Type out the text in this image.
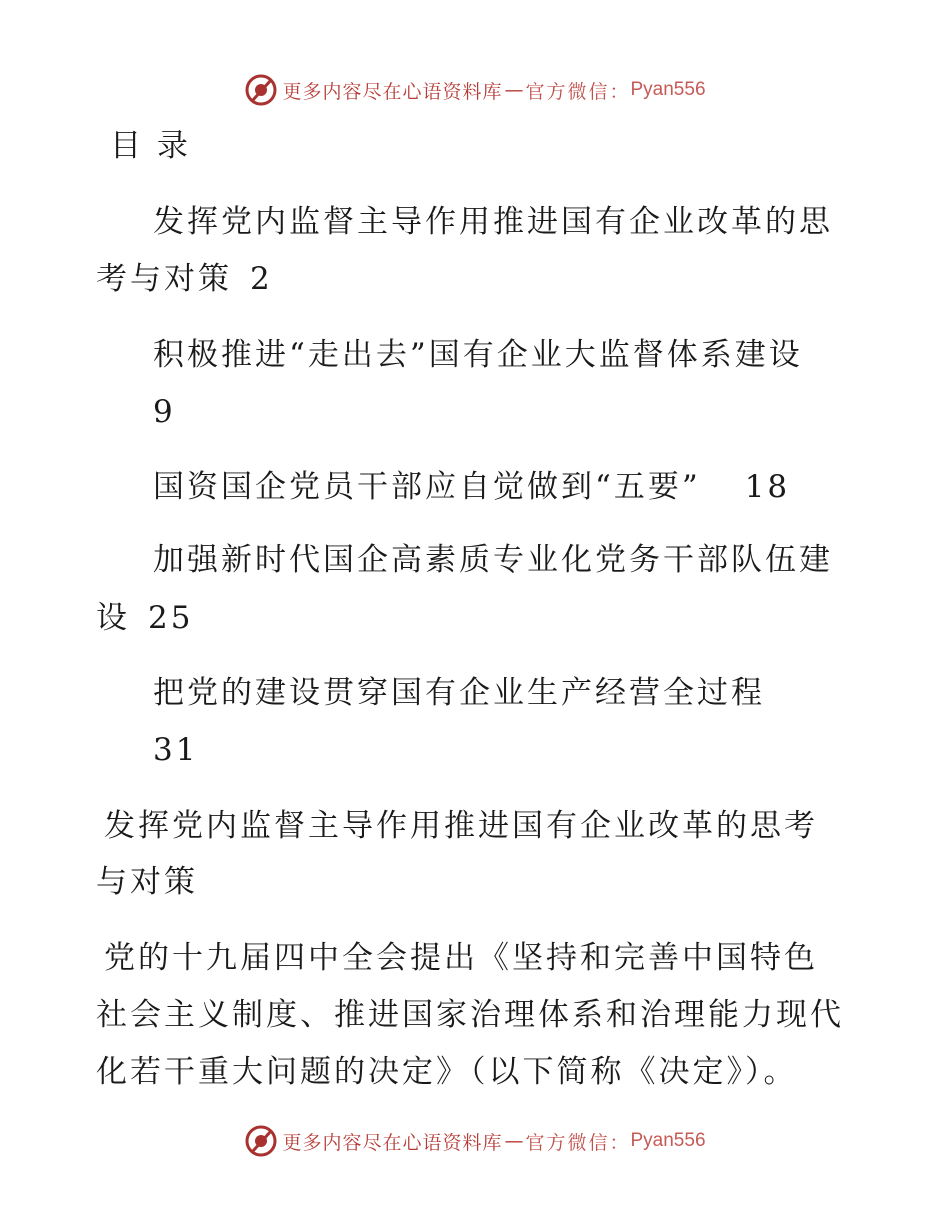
更多内容尽在心语资料库 — 官方微信： Pyan556
目 录
发挥党内监督主导作用推进国有企业改革的思
考与对策 2
积极推进“走出去”国有企业大监督体系建设
9
国资国企党员干部应自觉做到“五要” 18
加强新时代国企高素质专业化党务干部队伍建
设 25
把党的建设贯穿国有企业生产经营全过程
31
发挥党内监督主导作用推进国有企业改革的思考
与对策
党的十九届四中全会提出《坚持和完善中国特色
社会主义制度、推进国家治理体系和治理能力现代
化若干重大问题的决定》（以下简称《决定》）。
更多内容尽在心语资料库 — 官方微信： Pyan556
